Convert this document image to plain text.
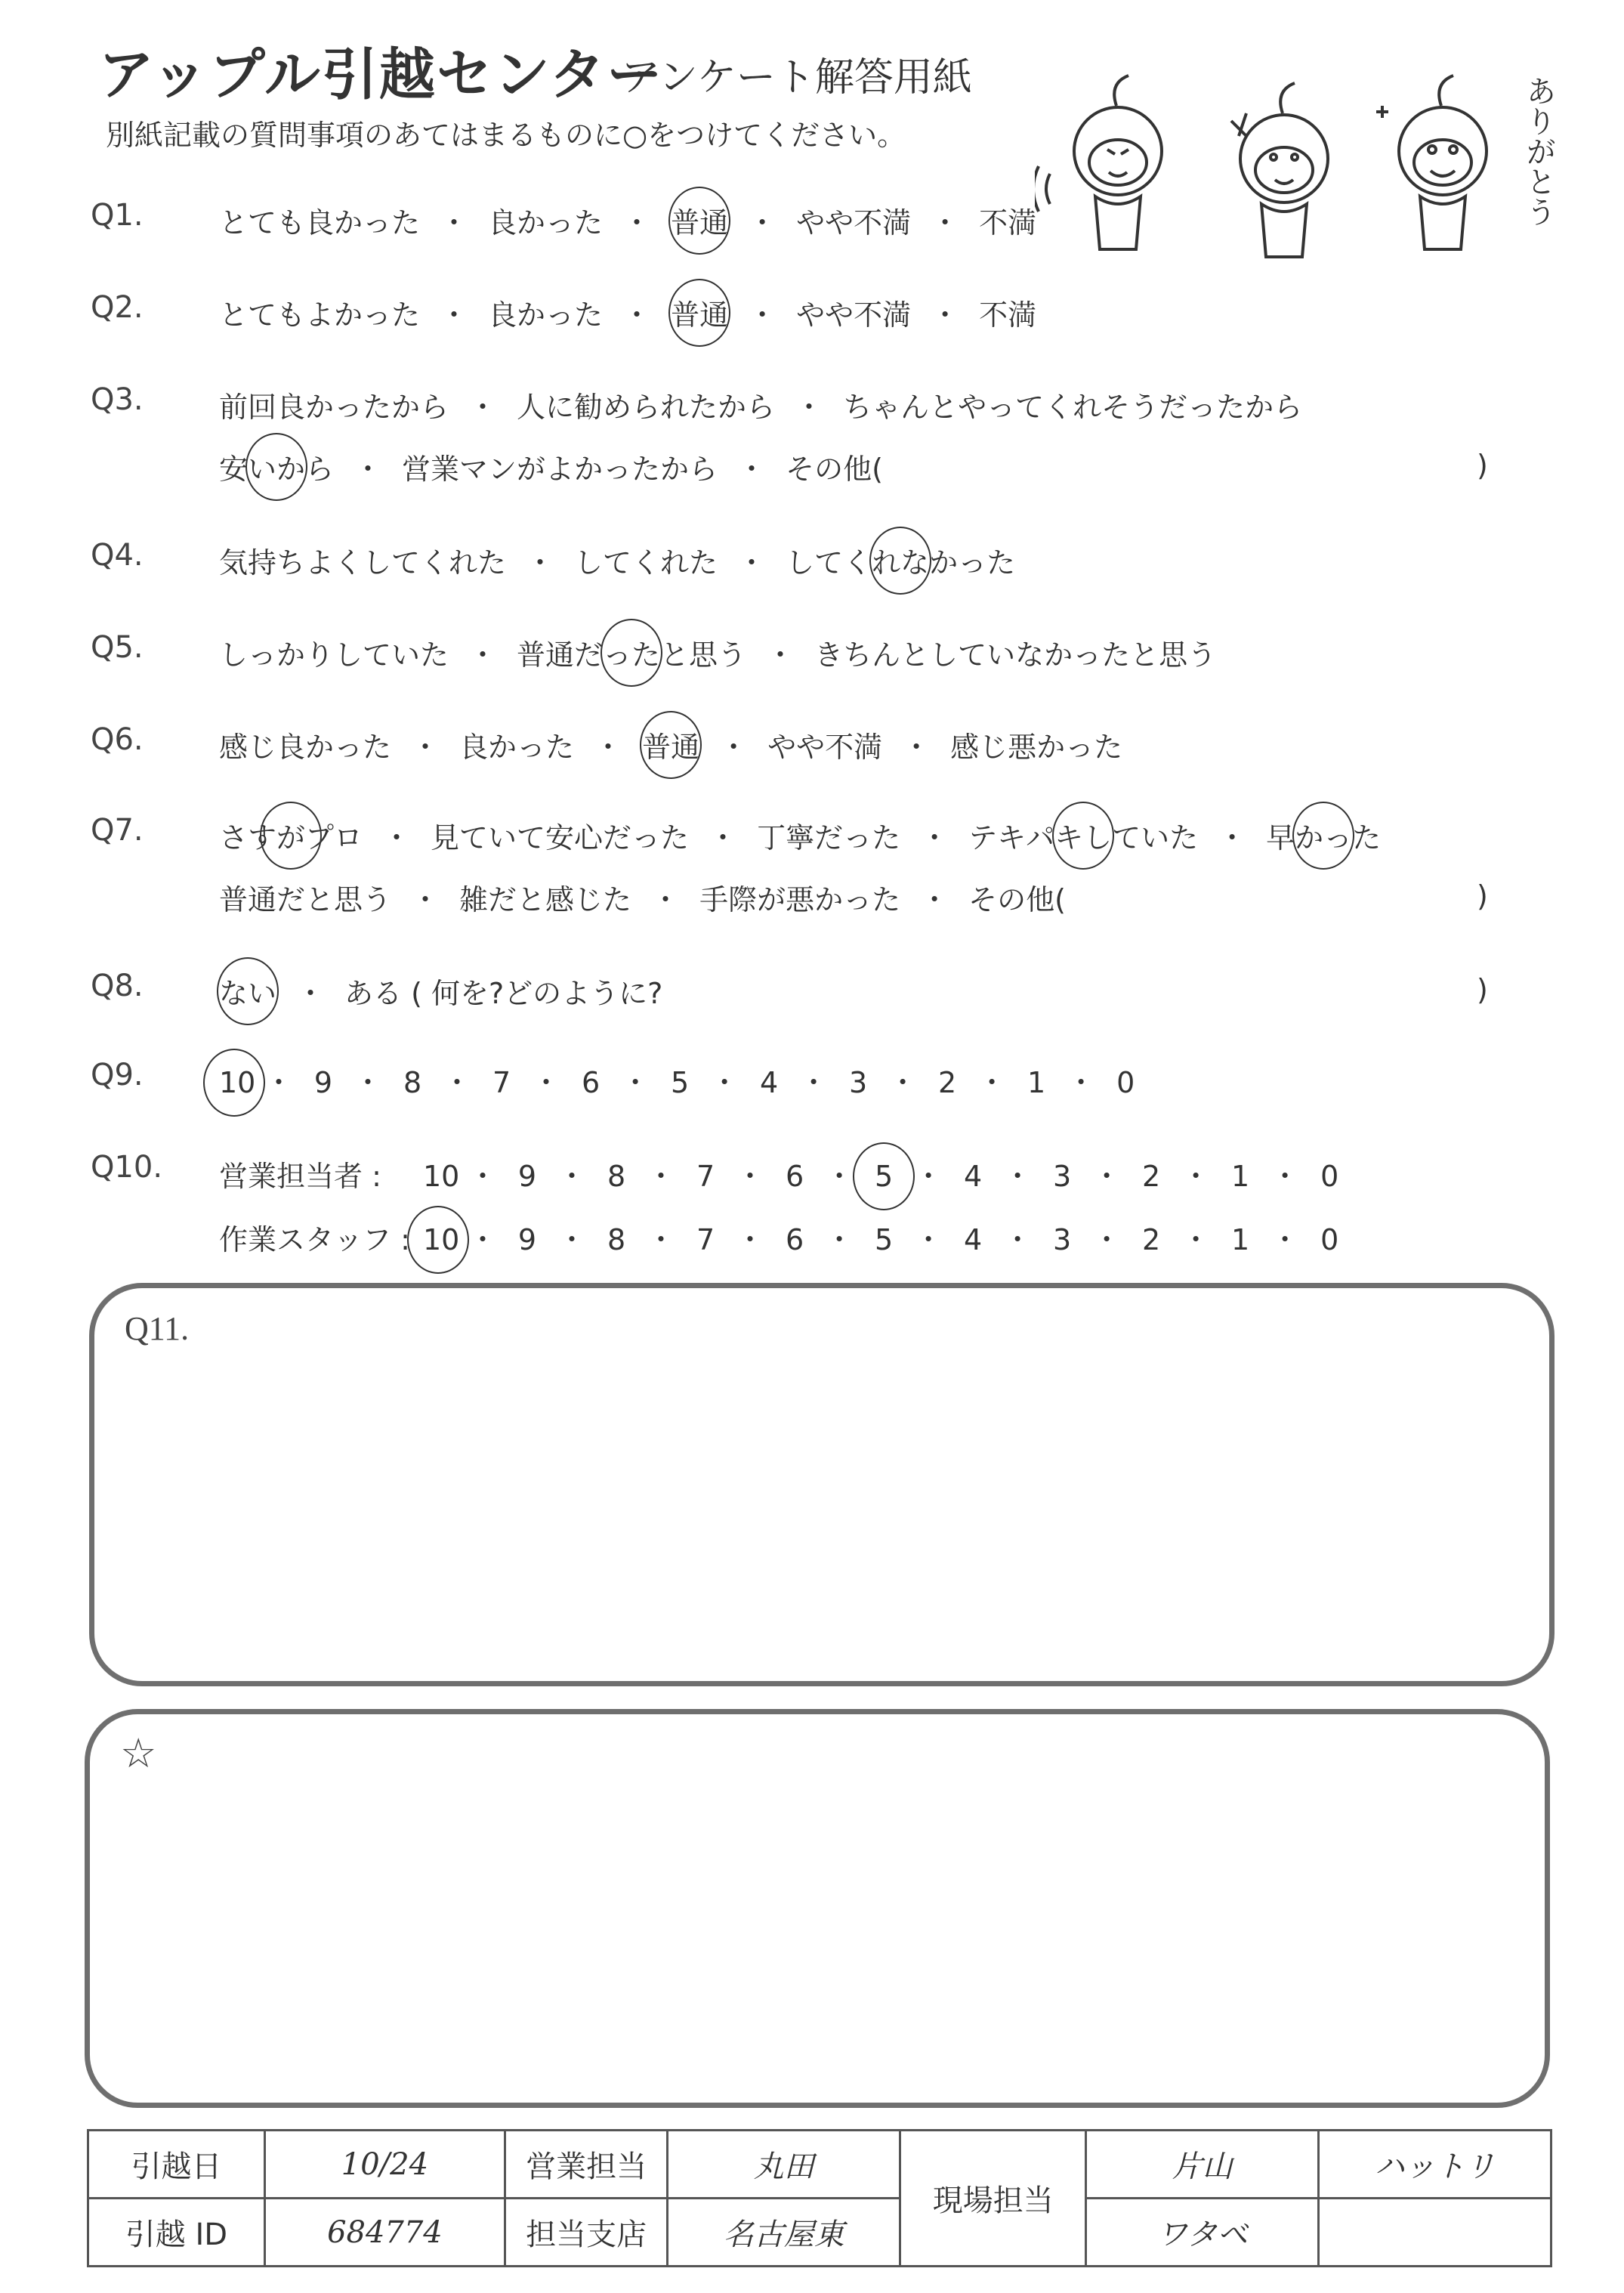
アップル引越センター
アンケート解答用紙
別紙記載の質問事項のあてはまるものに○をつけてください。	ありがとう
Q1.	とても良かった ・ 良かった ・ 普通 ・ やや不満 ・ 不満
Q2.	とてもよかった ・ 良かった ・ 普通 ・ やや不満 ・ 不満
Q3.	前回良かったから ・ 人に勧められたから ・ ちゃんとやってくれそうだったから
安いから ・ 営業マンがよかったから ・ その他(	)
Q4.	気持ちよくしてくれた ・ してくれた ・ してくれなかった
Q5.	しっかりしていた ・ 普通だったと思う ・ きちんとしていなかったと思う
Q6.	感じ良かった ・ 良かった ・ 普通 ・ やや不満 ・ 感じ悪かった
Q7.	さすがプロ ・ 見ていて安心だった ・ 丁寧だった ・ テキパキしていた ・ 早かった
普通だと思う ・ 雑だと感じた ・ 手際が悪かった ・ その他(	)
Q8.	ない ・ ある ( 何を?どのように?	)
Q9.	10 ・ 9 ・ 8 ・ 7 ・ 6 ・ 5 ・ 4 ・ 3 ・ 2 ・ 1 ・ 0
Q10. 営業担当者 : 10 ・ 9 ・ 8 ・ 7 ・ 6 ・ 5 ・ 4 ・ 3 ・ 2 ・ 1 ・ 0
作業スタッフ : 10 ・ 9 ・ 8 ・ 7 ・ 6 ・ 5 ・ 4 ・ 3 ・ 2 ・ 1 ・ 0
Q11.
☆
引越日	10/24	営業担当	丸田	現場担当	片山	ハットリ
引越 ID	684774	担当支店	名古屋東		ワタベ	
